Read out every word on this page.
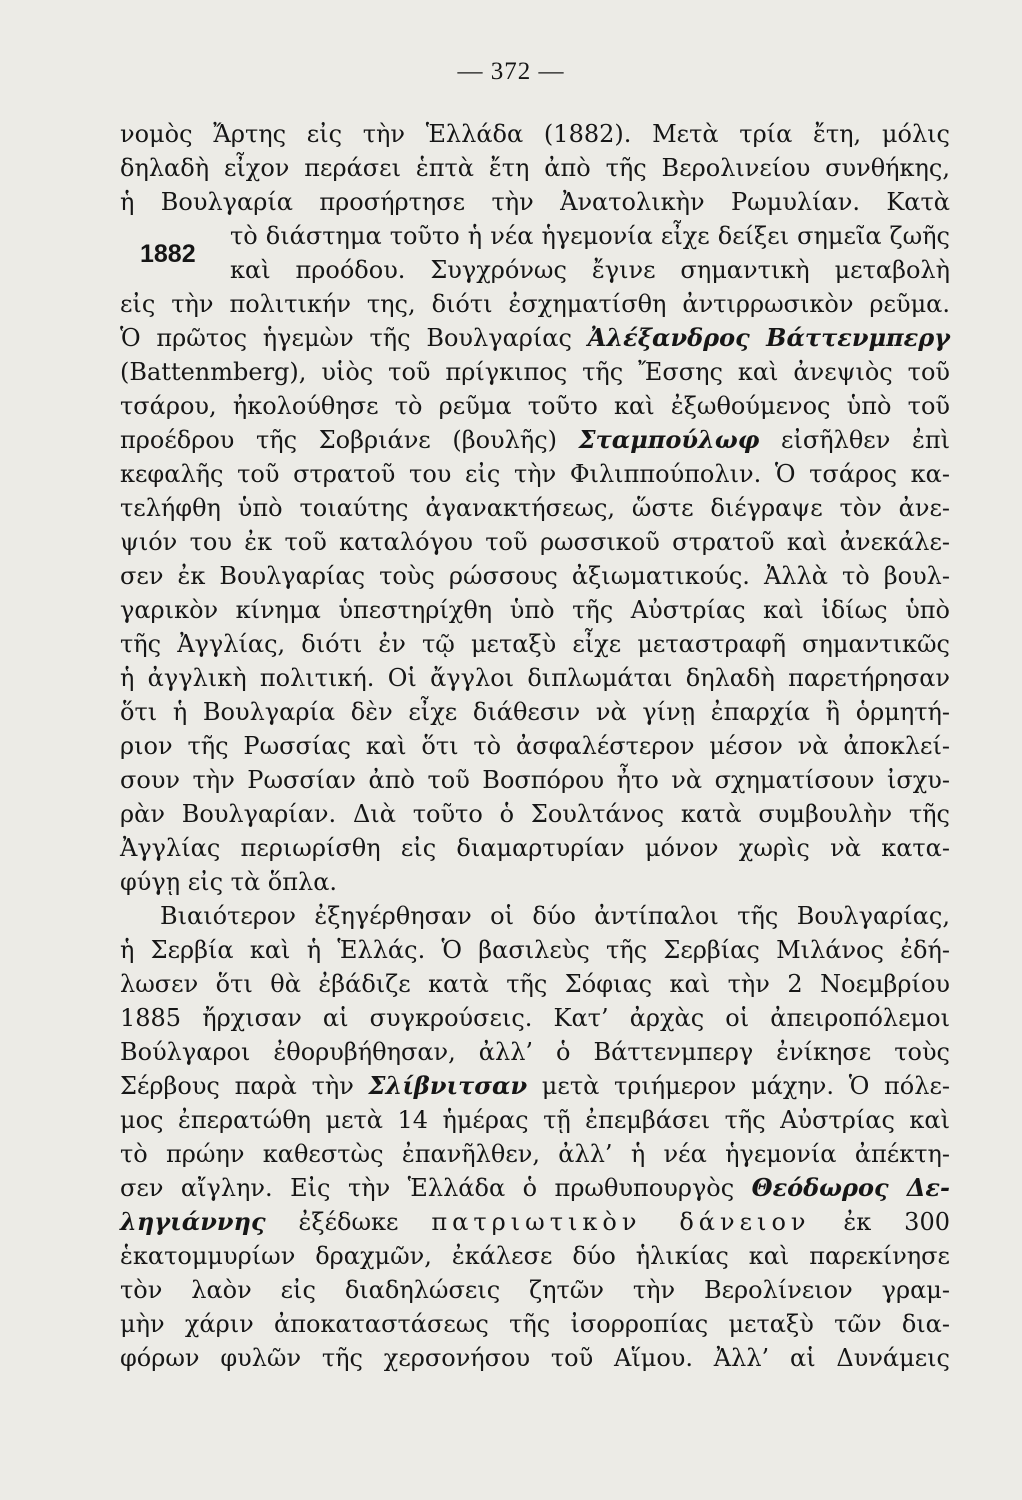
— 372 —
1882
νομὸς Ἄρτης εἰς τὴν Ἑλλάδα (1882). Μετὰ τρία ἔτη, μόλις
δηλαδὴ εἶχον περάσει ἑπτὰ ἔτη ἀπὸ τῆς Βερολινείου συνθήκης,
ἡ Βουλγαρία προσήρτησε τὴν Ἀνατολικὴν Ρωμυλίαν. Κατὰ
τὸ διάστημα τοῦτο ἡ νέα ἡγεμονία εἶχε δείξει σημεῖα ζωῆς
καὶ προόδου. Συγχρόνως ἔγινε σημαντικὴ μεταβολὴ
εἰς τὴν πολιτικήν της, διότι ἐσχηματίσθη ἀντιρρωσικὸν ρεῦμα.
Ὁ πρῶτος ἡγεμὼν τῆς Βουλγαρίας Ἀλέξανδρος Βάττενμπεργ
(Battenmberg), υἱὸς τοῦ πρίγκιπος τῆς Ἔσσης καὶ ἀνεψιὸς τοῦ
τσάρου, ἠκολούθησε τὸ ρεῦμα τοῦτο καὶ ἐξωθούμενος ὑπὸ τοῦ
προέδρου τῆς Σοβριάνε (βουλῆς) Σταμπούλωφ εἰσῆλθεν ἐπὶ
κεφαλῆς τοῦ στρατοῦ του εἰς τὴν Φιλιππούπολιν. Ὁ τσάρος κα-
τελήφθη ὑπὸ τοιαύτης ἀγανακτήσεως, ὥστε διέγραψε τὸν ἀνε-
ψιόν του ἐκ τοῦ καταλόγου τοῦ ρωσσικοῦ στρατοῦ καὶ ἀνεκάλε-
σεν ἐκ Βουλγαρίας τοὺς ρώσσους ἀξιωματικούς. Ἀλλὰ τὸ βουλ-
γαρικὸν κίνημα ὑπεστηρίχθη ὑπὸ τῆς Αὐστρίας καὶ ἰδίως ὑπὸ
τῆς Ἀγγλίας, διότι ἐν τῷ μεταξὺ εἶχε μεταστραφῆ σημαντικῶς
ἡ ἀγγλικὴ πολιτική. Οἱ ἄγγλοι διπλωμάται δηλαδὴ παρετήρησαν
ὅτι ἡ Βουλγαρία δὲν εἶχε διάθεσιν νὰ γίνῃ ἐπαρχία ἢ ὁρμητή-
ριον τῆς Ρωσσίας καὶ ὅτι τὸ ἀσφαλέστερον μέσον νὰ ἀποκλεί-
σουν τὴν Ρωσσίαν ἀπὸ τοῦ Βοσπόρου ἦτο νὰ σχηματίσουν ἰσχυ-
ρὰν Βουλγαρίαν. Διὰ τοῦτο ὁ Σουλτάνος κατὰ συμβουλὴν τῆς
Ἀγγλίας περιωρίσθη εἰς διαμαρτυρίαν μόνον χωρὶς νὰ κατα-
φύγῃ εἰς τὰ ὅπλα.
Βιαιότερον ἐξηγέρθησαν οἱ δύο ἀντίπαλοι τῆς Βουλγαρίας,
ἡ Σερβία καὶ ἡ Ἑλλάς. Ὁ βασιλεὺς τῆς Σερβίας Μιλάνος ἐδή-
λωσεν ὅτι θὰ ἐβάδιζε κατὰ τῆς Σόφιας καὶ τὴν 2 Νοεμβρίου
1885 ἤρχισαν αἱ συγκρούσεις. Κατ’ ἀρχὰς οἱ ἀπειροπόλεμοι
Βούλγαροι ἐθορυβήθησαν, ἀλλ’ ὁ Βάττενμπεργ ἐνίκησε τοὺς
Σέρβους παρὰ τὴν Σλίβνιτσαν μετὰ τριήμερον μάχην. Ὁ πόλε-
μος ἐπερατώθη μετὰ 14 ἡμέρας τῇ ἐπεμβάσει τῆς Αὐστρίας καὶ
τὸ πρώην καθεστὼς ἐπανῆλθεν, ἀλλ’ ἡ νέα ἡγεμονία ἀπέκτη-
σεν αἴγλην. Εἰς τὴν Ἑλλάδα ὁ πρωθυπουργὸς Θεόδωρος Δε-
ληγιάννης ἐξέδωκε πατριωτικὸν δάνειον ἐκ 300
ἑκατομμυρίων δραχμῶν, ἐκάλεσε δύο ἡλικίας καὶ παρεκίνησε
τὸν λαὸν εἰς διαδηλώσεις ζητῶν τὴν Βερολίνειον γραμ-
μὴν χάριν ἀποκαταστάσεως τῆς ἰσορροπίας μεταξὺ τῶν δια-
φόρων φυλῶν τῆς χερσονήσου τοῦ Αἵμου. Ἀλλ’ αἱ Δυνάμεις
